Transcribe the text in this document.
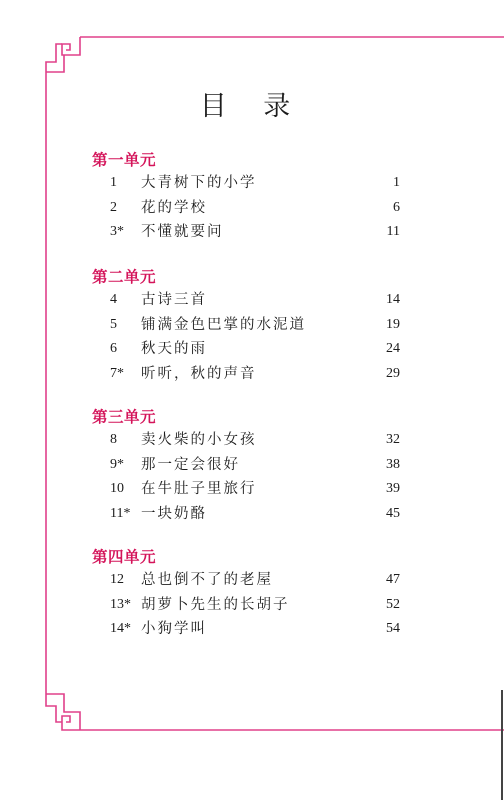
目 录
第一单元
1 大青树下的小学	1
2 花的学校	6
3* 不懂就要问	11
第二单元
4 古诗三首	14
5 铺满金色巴掌的水泥道	19
6 秋天的雨	24
7* 听听，秋的声音	29
第三单元
8 卖火柴的小女孩	32
9* 那一定会很好	38
10 在牛肚子里旅行	39
11* 一块奶酪	45
第四单元
12 总也倒不了的老屋	47
13* 胡萝卜先生的长胡子	52
14* 小狗学叫	54
